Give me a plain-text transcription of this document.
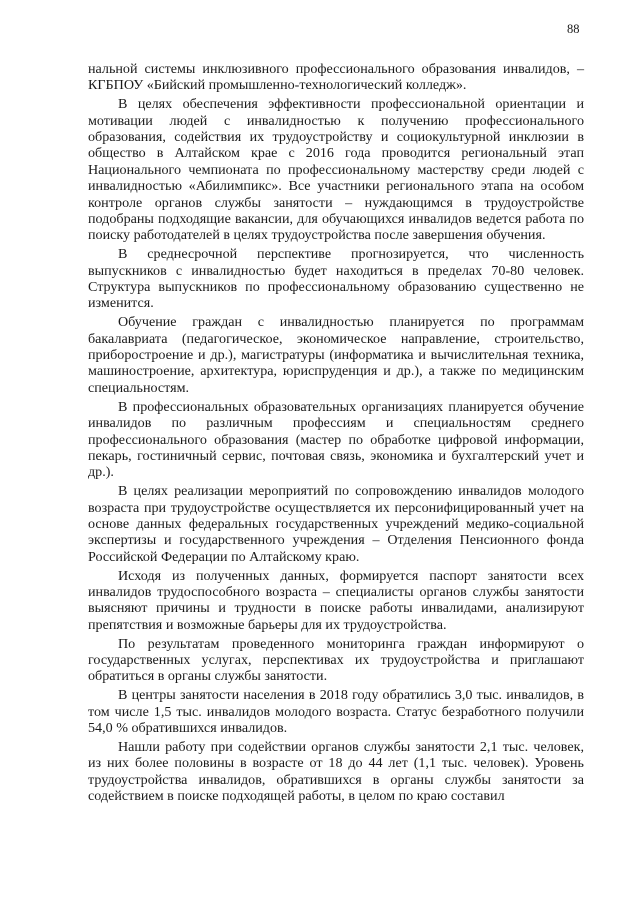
88

нальной системы инклюзивного профессионального образования инвалидов, – КГБПОУ «Бийский промышленно-технологический колледж».

В целях обеспечения эффективности профессиональной ориентации и мотивации людей с инвалидностью к получению профессионального образования, содействия их трудоустройству и социокультурной инклюзии в общество в Алтайском крае с 2016 года проводится региональный этап Национального чемпионата по профессиональному мастерству среди людей с инвалидностью «Абилимпикс». Все участники регионального этапа на особом контроле органов службы занятости – нуждающимся в трудоустройстве подобраны подходящие вакансии, для обучающихся инвалидов ведется работа по поиску работодателей в целях трудоустройства после завершения обучения.

В среднесрочной перспективе прогнозируется, что численность выпускников с инвалидностью будет находиться в пределах 70-80 человек. Структура выпускников по профессиональному образованию существенно не изменится.

Обучение граждан с инвалидностью планируется по программам бакалавриата (педагогическое, экономическое направление, строительство, приборостроение и др.), магистратуры (информатика и вычислительная техника, машиностроение, архитектура, юриспруденция и др.), а также по медицинским специальностям.

В профессиональных образовательных организациях планируется обучение инвалидов по различным профессиям и специальностям среднего профессионального образования (мастер по обработке цифровой информации, пекарь, гостиничный сервис, почтовая связь, экономика и бухгалтерский учет и др.).

В целях реализации мероприятий по сопровождению инвалидов молодого возраста при трудоустройстве осуществляется их персонифицированный учет на основе данных федеральных государственных учреждений медико-социальной экспертизы и государственного учреждения – Отделения Пенсионного фонда Российской Федерации по Алтайскому краю.

Исходя из полученных данных, формируется паспорт занятости всех инвалидов трудоспособного возраста – специалисты органов службы занятости выясняют причины и трудности в поиске работы инвалидами, анализируют препятствия и возможные барьеры для их трудоустройства.

По результатам проведенного мониторинга граждан информируют о государственных услугах, перспективах их трудоустройства и приглашают обратиться в органы службы занятости.

В центры занятости населения в 2018 году обратились 3,0 тыс. инвалидов, в том числе 1,5 тыс. инвалидов молодого возраста. Статус безработного получили 54,0 % обратившихся инвалидов.

Нашли работу при содействии органов службы занятости 2,1 тыс. человек, из них более половины в возрасте от 18 до 44 лет (1,1 тыс. человек). Уровень трудоустройства инвалидов, обратившихся в органы службы занятости за содействием в поиске подходящей работы, в целом по краю составил
